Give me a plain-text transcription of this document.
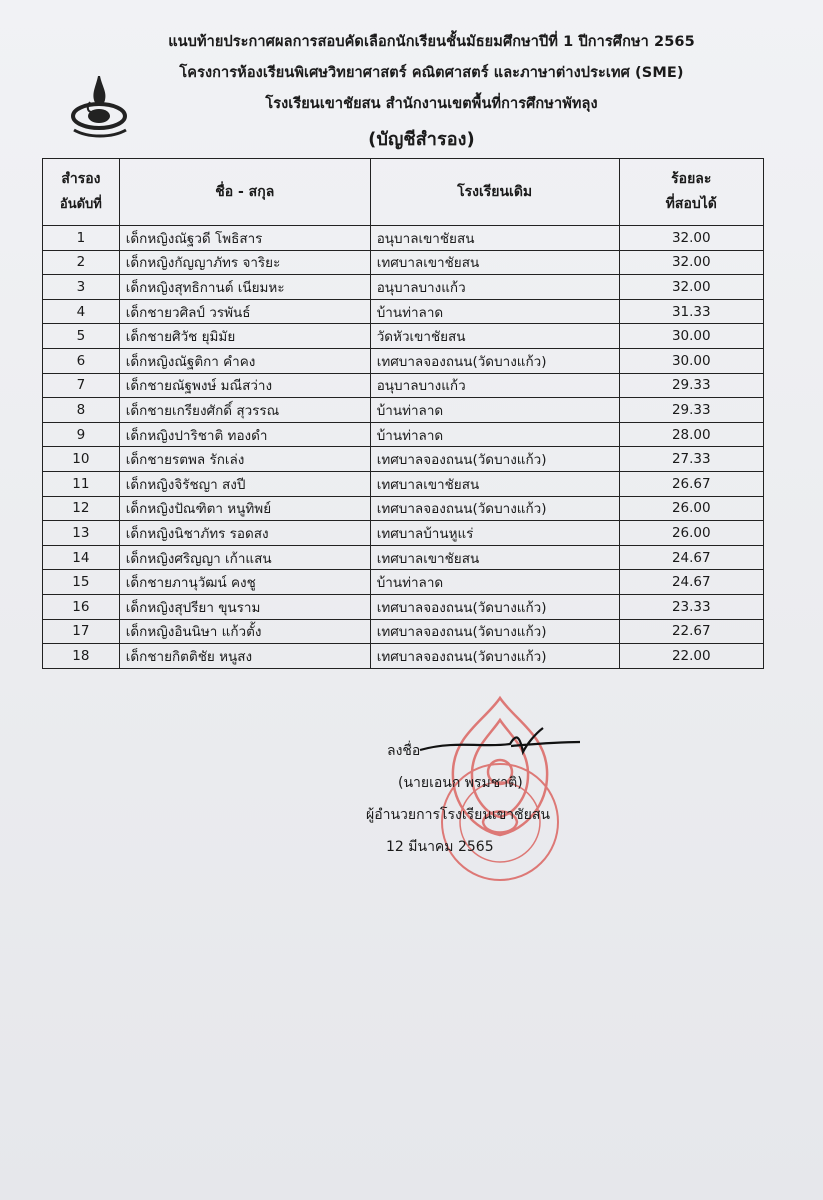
แนบท้ายประกาศผลการสอบคัดเลือกนักเรียนชั้นมัธยมศึกษาปีที่ 1 ปีการศึกษา 2565
โครงการห้องเรียนพิเศษวิทยาศาสตร์ คณิตศาสตร์ และภาษาต่างประเทศ (SME)
โรงเรียนเขาชัยสน สำนักงานเขตพื้นที่การศึกษาพัทลุง
(บัญชีสำรอง)
สำรอง
อันดับที่	ชื่อ - สกุล	โรงเรียนเดิม	ร้อยละ
ที่สอบได้

1	เด็กหญิงณัฐวดี โพธิสาร	อนุบาลเขาชัยสน	32.00
2	เด็กหญิงกัญญาภัทร จาริยะ	เทศบาลเขาชัยสน	32.00
3	เด็กหญิงสุทธิกานต์ เนียมหะ	อนุบาลบางแก้ว	32.00
4	เด็กชายวศิลป์ วรพันธ์	บ้านท่าลาด	31.33
5	เด็กชายศิวัช ยุมิมัย	วัดหัวเขาชัยสน	30.00
6	เด็กหญิงณัฐติกา คำคง	เทศบาลจองถนน(วัดบางแก้ว)	30.00
7	เด็กชายณัฐพงษ์ มณีสว่าง	อนุบาลบางแก้ว	29.33
8	เด็กชายเกรียงศักดิ์ สุวรรณ	บ้านท่าลาด	29.33
9	เด็กหญิงปาริชาติ ทองดำ	บ้านท่าลาด	28.00
10	เด็กชายรตพล รักเล่ง	เทศบาลจองถนน(วัดบางแก้ว)	27.33
11	เด็กหญิงจิรัชญา สงปี	เทศบาลเขาชัยสน	26.67
12	เด็กหญิงปัณฑิตา หนูทิพย์	เทศบาลจองถนน(วัดบางแก้ว)	26.00
13	เด็กหญิงนิชาภัทร รอดสง	เทศบาลบ้านหูแร่	26.00
14	เด็กหญิงศริญญา เก้าแสน	เทศบาลเขาชัยสน	24.67
15	เด็กชายภานุวัฒน์ คงชู	บ้านท่าลาด	24.67
16	เด็กหญิงสุปรียา ขุนราม	เทศบาลจองถนน(วัดบางแก้ว)	23.33
17	เด็กหญิงอินนิษา แก้วตั้ง	เทศบาลจองถนน(วัดบางแก้ว)	22.67
18	เด็กชายกิตติชัย หนูสง	เทศบาลจองถนน(วัดบางแก้ว)	22.00
ลงชื่อ
(นายเอนก พรมชาติ)
ผู้อำนวยการโรงเรียนเขาชัยสน
12 มีนาคม 2565
